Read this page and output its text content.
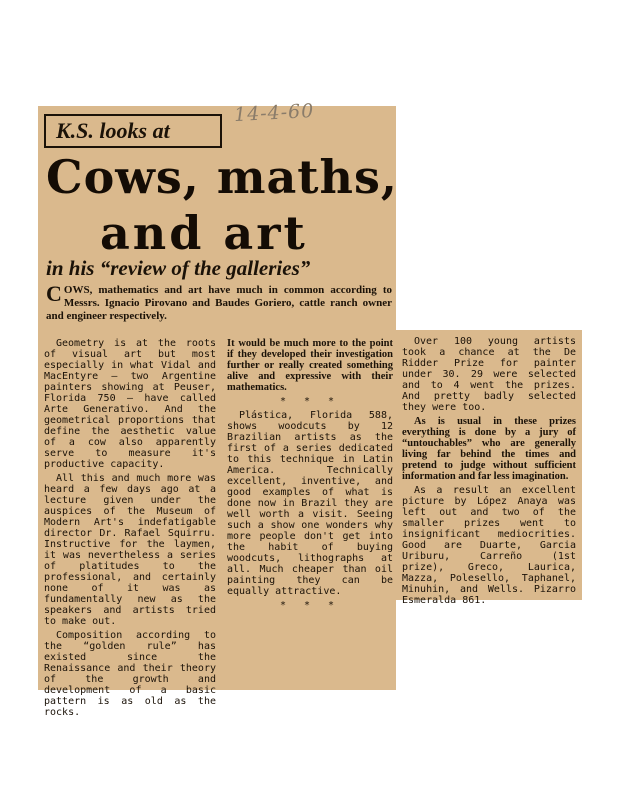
K.S. looks at
14-4-60
Cows, maths,
and art
in his “review of the galleries”
COWS, mathematics and art have much in common according to Messrs. Ignacio Pirovano and Baudes Goriero, cattle ranch owner and engineer respectively.

Geometry is at the roots of visual art but most especially in what Vidal and MacEntyre — two Argentine painters showing at Peuser, Florida 750 — have called Arte Generativo. And the geometrical proportions that define the aesthetic value of a cow also apparently serve to measure it's productive capacity.

All this and much more was heard a few days ago at a lecture given under the auspices of the Museum of Modern Art's indefatigable director Dr. Rafael Squirru. Instructive for the laymen, it was nevertheless a series of platitudes to the professional, and certainly none of it was as fundamentally new as the speakers and artists tried to make out.

Composition according to the “golden rule” has existed since the Renaissance and their theory of the growth and development of a basic pattern is as old as the rocks.

It would be much more to the point if they developed their investigation further or really created something alive and expressive with their mathematics.

* * *

Plástica, Florida 588, shows woodcuts by 12 Brazilian artists as the first of a series dedicated to this technique in Latin America. Technically excellent, inventive, and good examples of what is done now in Brazil they are well worth a visit. Seeing such a show one wonders why more people don't get into the habit of buying woodcuts, lithographs at all. Much cheaper than oil painting they can be equally attractive.

* * *

Over 100 young artists took a chance at the De Ridder Prize for painter under 30. 29 were selected and to 4 went the prizes. And pretty badly selected they were too.

As is usual in these prizes everything is done by a jury of “untouchables” who are generally living far behind the times and pretend to judge without sufficient information and far less imagination.

As a result an excellent picture by López Anaya was left out and two of the smaller prizes went to insignificant mediocrities. Good are Duarte, Garcia Uriburu, Carreño (1st prize), Greco, Laurica, Mazza, Polesello, Taphanel, Minuhin, and Wells. Pizarro Esmeralda 861.
